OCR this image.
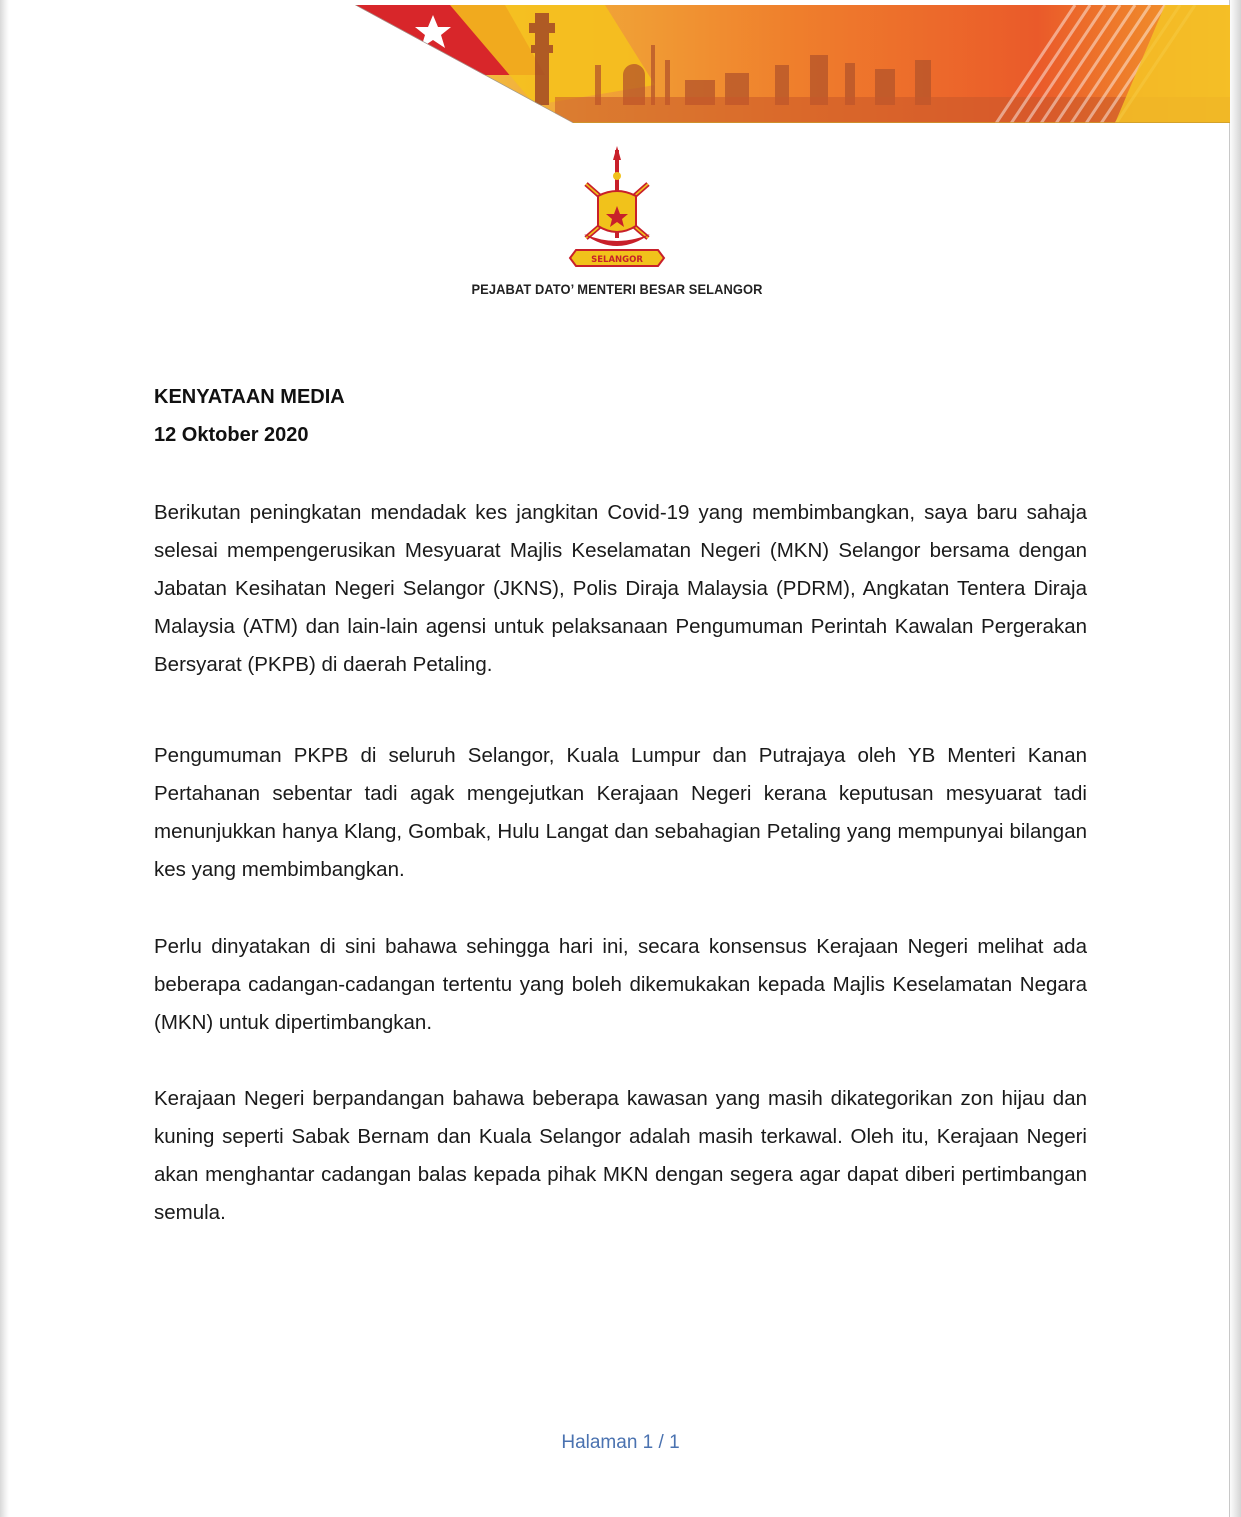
SELANGOR
PEJABAT DATO’ MENTERI BESAR SELANGOR
KENYATAAN MEDIA
12 Oktober 2020

Berikutan peningkatan mendadak kes jangkitan Covid-19 yang membimbangkan, saya baru sahaja selesai mempengerusikan Mesyuarat Majlis Keselamatan Negeri (MKN) Selangor bersama dengan Jabatan Kesihatan Negeri Selangor (JKNS), Polis Diraja Malaysia (PDRM), Angkatan Tentera Diraja Malaysia (ATM) dan lain-lain agensi untuk pelaksanaan Pengumuman Perintah Kawalan Pergerakan Bersyarat (PKPB) di daerah Petaling.

Pengumuman PKPB di seluruh Selangor, Kuala Lumpur dan Putrajaya oleh YB Menteri Kanan Pertahanan sebentar tadi agak mengejutkan Kerajaan Negeri kerana keputusan mesyuarat tadi menunjukkan hanya Klang, Gombak, Hulu Langat dan sebahagian Petaling yang mempunyai bilangan kes yang membimbangkan.

Perlu dinyatakan di sini bahawa sehingga hari ini, secara konsensus Kerajaan Negeri melihat ada beberapa cadangan-cadangan tertentu yang boleh dikemukakan kepada Majlis Keselamatan Negara (MKN) untuk dipertimbangkan.

Kerajaan Negeri berpandangan bahawa beberapa kawasan yang masih dikategorikan zon hijau dan kuning seperti Sabak Bernam dan Kuala Selangor adalah masih terkawal. Oleh itu, Kerajaan Negeri akan menghantar cadangan balas kepada pihak MKN dengan segera agar dapat diberi pertimbangan semula.

Halaman 1 / 1
